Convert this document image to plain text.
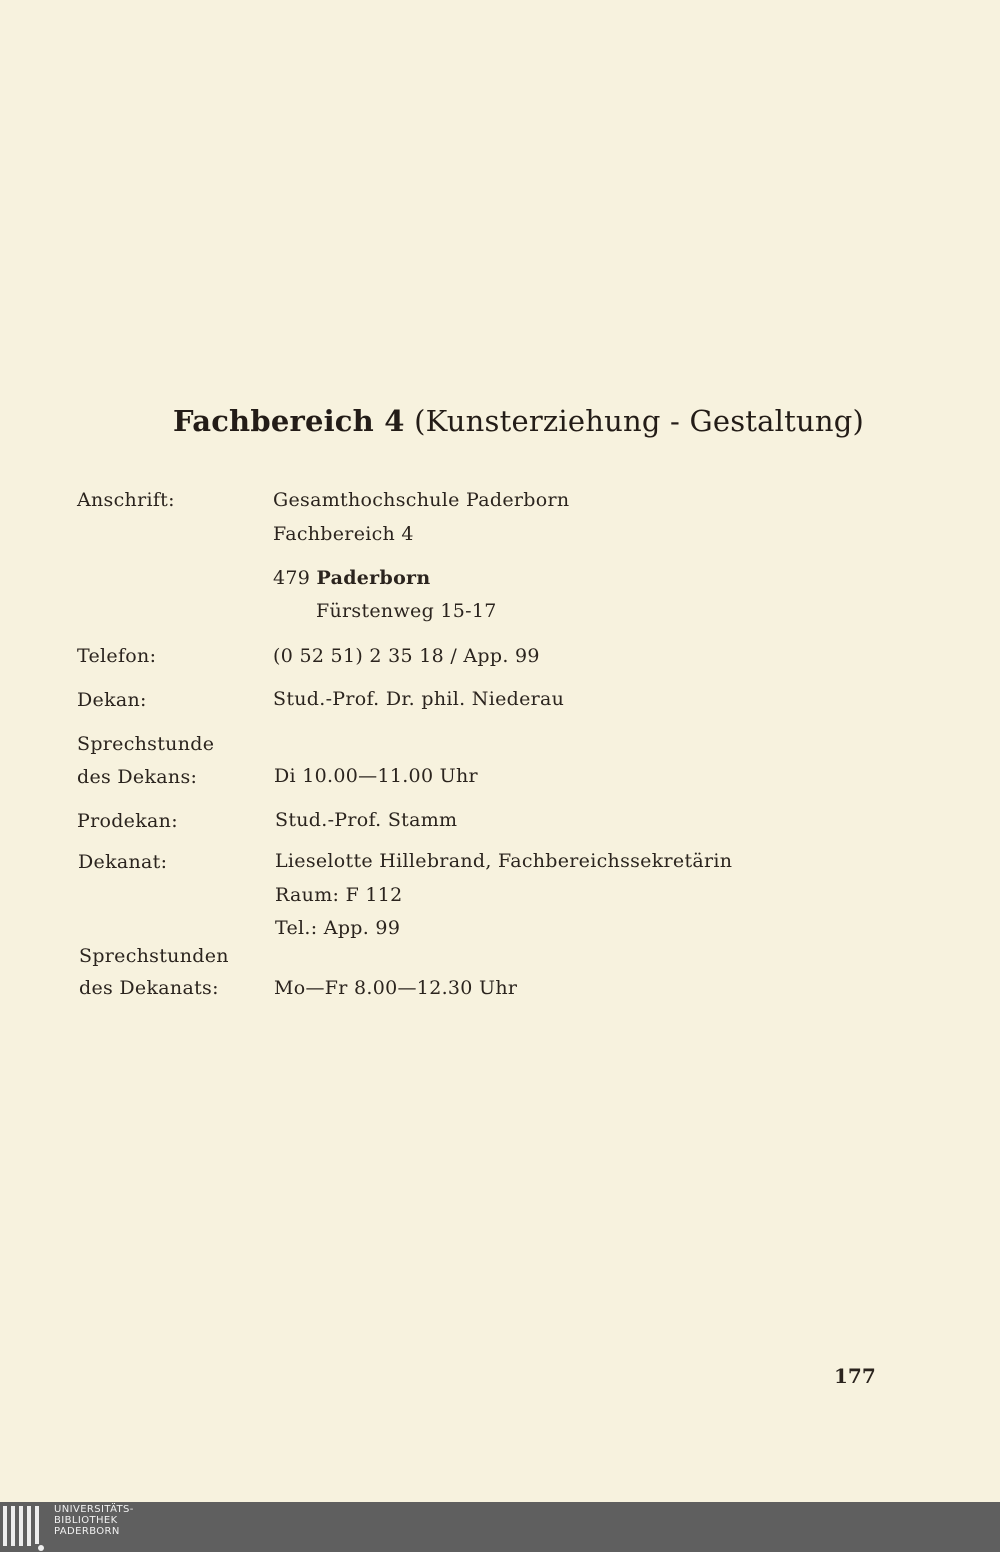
Fachbereich 4 (Kunsterziehung - Gestaltung)
Anschrift:	Gesamthochschule Paderborn
Fachbereich 4
479 Paderborn
Fürstenweg 15-17
Telefon:	(0 52 51) 2 35 18 / App. 99
Dekan:	Stud.-Prof. Dr. phil. Niederau
Sprechstunde
des Dekans:	Di 10.00—11.00 Uhr
Prodekan:	Stud.-Prof. Stamm
Dekanat:	Lieselotte Hillebrand, Fachbereichssekretärin
Raum: F 112
Tel.: App. 99
Sprechstunden
des Dekanats:	Mo—Fr 8.00—12.30 Uhr
177
UNIVERSITÄTS-
BIBLIOTHEK
PADERBORN
